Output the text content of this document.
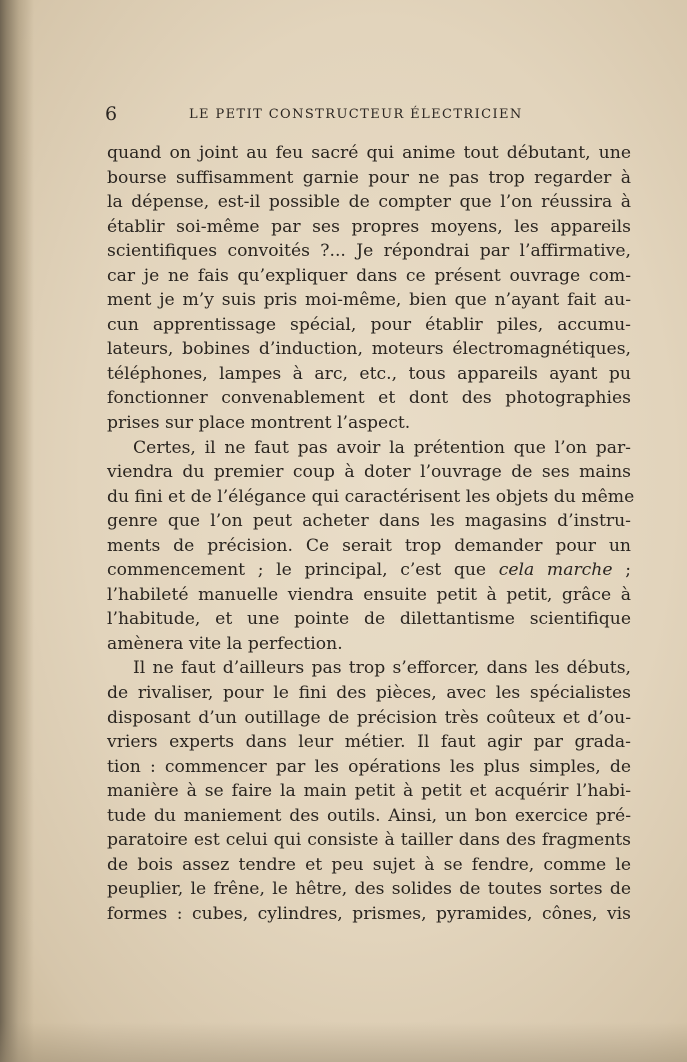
6	LE PETIT CONSTRUCTEUR ÉLECTRICIEN
quand on joint au feu sacré qui anime tout débutant, une
bourse suffisamment garnie pour ne pas trop regarder à
la dépense, est-il possible de compter que l’on réussira à
établir soi-même par ses propres moyens, les appareils
scientifiques convoités ?... Je répondrai par l’affirmative,
car je ne fais qu’expliquer dans ce présent ouvrage com-
ment je m’y suis pris moi-même, bien que n’ayant fait au-
cun apprentissage spécial, pour établir piles, accumu-
lateurs, bobines d’induction, moteurs électromagnétiques,
téléphones, lampes à arc, etc., tous appareils ayant pu
fonctionner convenablement et dont des photographies
prises sur place montrent l’aspect.
Certes, il ne faut pas avoir la prétention que l’on par-
viendra du premier coup à doter l’ouvrage de ses mains
du fini et de l’élégance qui caractérisent les objets du même
genre que l’on peut acheter dans les magasins d’instru-
ments de précision. Ce serait trop demander pour un
commencement ; le principal, c’est que cela marche ;
l’habileté manuelle viendra ensuite petit à petit, grâce à
l’habitude, et une pointe de dilettantisme scientifique
amènera vite la perfection.
Il ne faut d’ailleurs pas trop s’efforcer, dans les débuts,
de rivaliser, pour le fini des pièces, avec les spécialistes
disposant d’un outillage de précision très coûteux et d’ou-
vriers experts dans leur métier. Il faut agir par grada-
tion : commencer par les opérations les plus simples, de
manière à se faire la main petit à petit et acquérir l’habi-
tude du maniement des outils. Ainsi, un bon exercice pré-
paratoire est celui qui consiste à tailler dans des fragments
de bois assez tendre et peu sujet à se fendre, comme le
peuplier, le frêne, le hêtre, des solides de toutes sortes de
formes : cubes, cylindres, prismes, pyramides, cônes, vis
